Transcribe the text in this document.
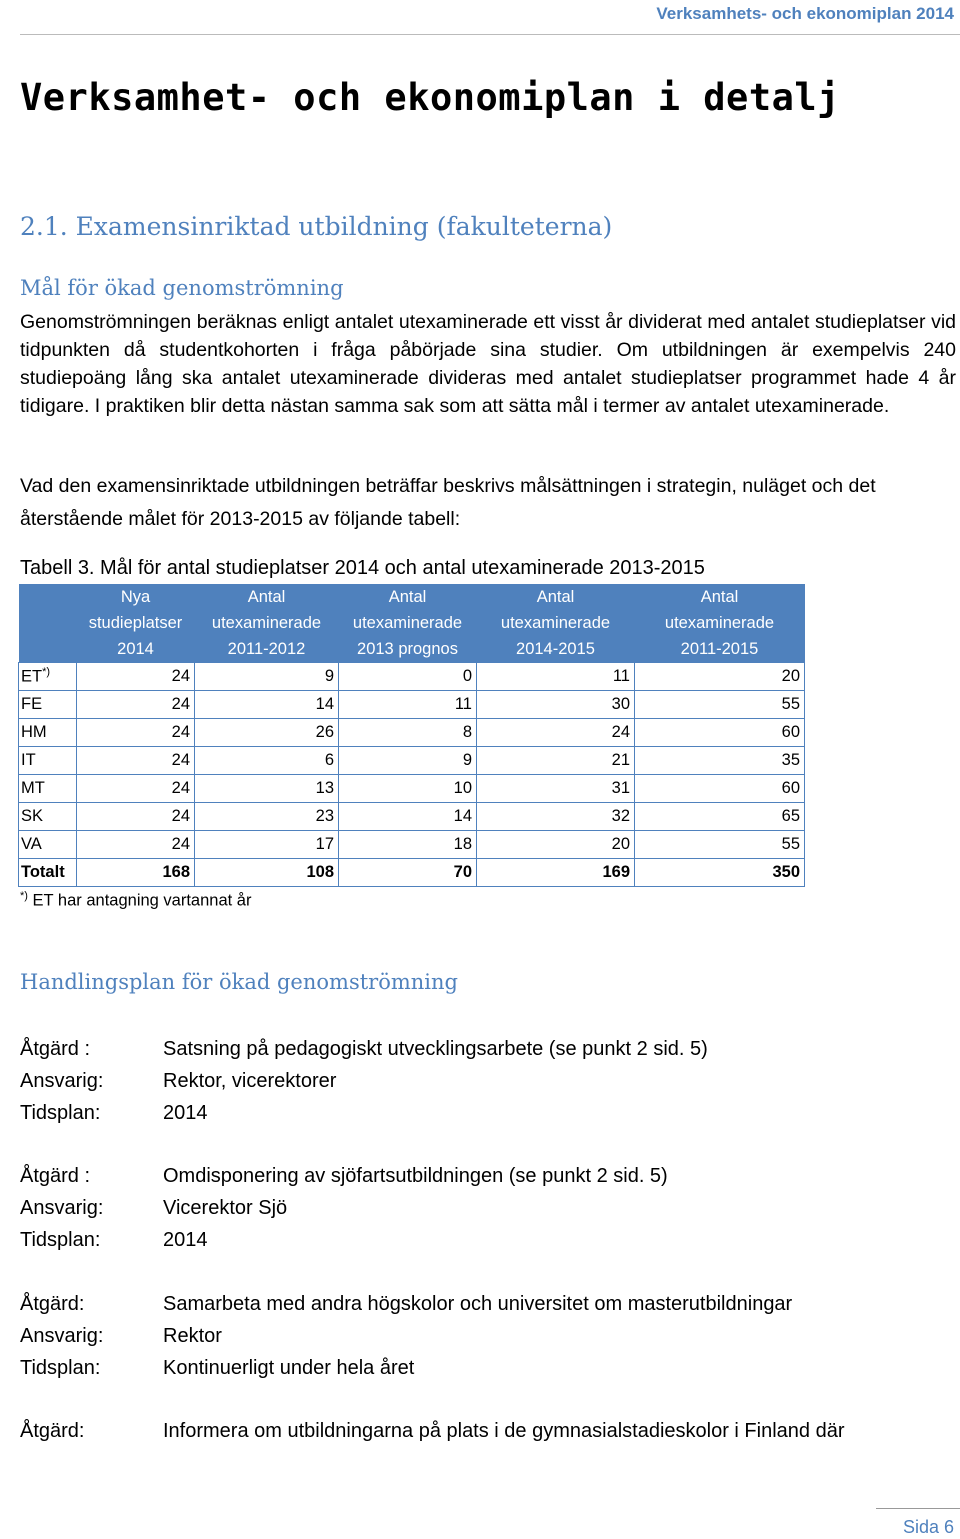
Verksamhets- och ekonomiplan 2014
Verksamhet- och ekonomiplan i detalj
2.1. Examensinriktad utbildning (fakulteterna)
Mål för ökad genomströmning

Genomströmningen beräknas enligt antalet utexaminerade ett visst år dividerat med antalet studieplatser vid tidpunkten då studentkohorten i fråga påbörjade sina studier. Om utbildningen är exempelvis 240 studiepoäng lång ska antalet utexaminerade divideras med antalet studieplatser programmet hade 4 år tidigare. I praktiken blir detta nästan samma sak som att sätta mål i termer av antalet utexaminerade.

Vad den examensinriktade utbildningen beträffar beskrivs målsättningen i strategin, nuläget och det återstående målet för 2013-2015 av följande tabell:

Tabell 3. Mål för antal studieplatser 2014 och antal utexaminerade 2013-2015

	Nya
studieplatser
2014	Antal
utexaminerade
2011-2012	Antal
utexaminerade
2013 prognos	Antal
utexaminerade
2014-2015	Antal
utexaminerade
2011-2015

ET*)	24	9	0	11	20
FE	24	14	11	30	55
HM	24	26	8	24	60
IT	24	6	9	21	35
MT	24	13	10	31	60
SK	24	23	14	32	65
VA	24	17	18	20	55
Totalt	168	108	70	169	350
*) ET har antagning vartannat år
Handlingsplan för ökad genomströmning
Åtgärd :	Satsning på pedagogiskt utvecklingsarbete (se punkt 2 sid. 5)
Ansvarig:	Rektor, vicerektorer
Tidsplan:	2014
Åtgärd :	Omdisponering av sjöfartsutbildningen (se punkt 2 sid. 5)
Ansvarig:	Vicerektor Sjö
Tidsplan:	2014
Åtgärd:	Samarbeta med andra högskolor och universitet om masterutbildningar
Ansvarig:	Rektor
Tidsplan:	Kontinuerligt under hela året
Åtgärd:	Informera om utbildningarna på plats i de gymnasialstadieskolor i Finland där
Sida 6
